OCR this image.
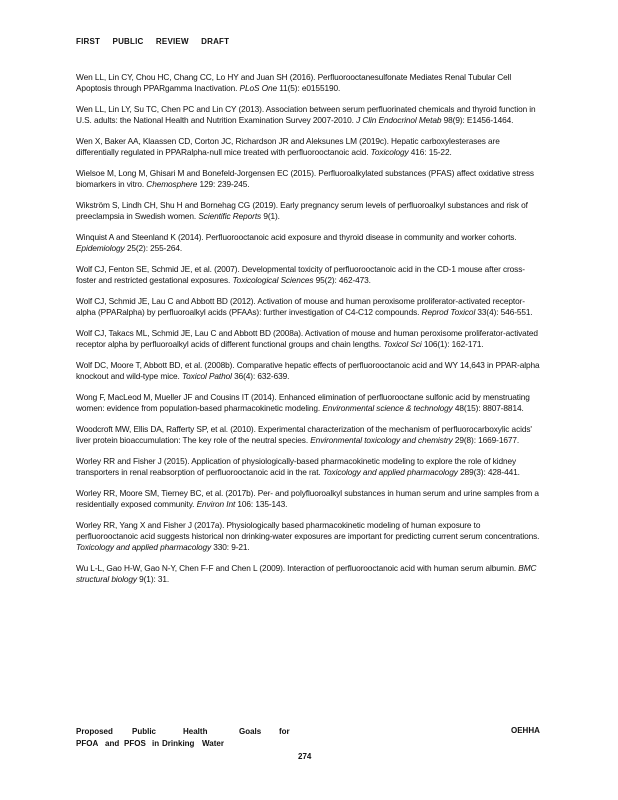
FIRST PUBLIC REVIEW DRAFT

Wen LL, Lin CY, Chou HC, Chang CC, Lo HY and Juan SH (2016). Perfluorooctanesulfonate Mediates Renal Tubular Cell Apoptosis through PPARgamma Inactivation. PLoS One 11(5): e0155190.

Wen LL, Lin LY, Su TC, Chen PC and Lin CY (2013). Association between serum perfluorinated chemicals and thyroid function in U.S. adults: the National Health and Nutrition Examination Survey 2007-2010. J Clin Endocrinol Metab 98(9): E1456-1464.

Wen X, Baker AA, Klaassen CD, Corton JC, Richardson JR and Aleksunes LM (2019c). Hepatic carboxylesterases are differentially regulated in PPARalpha-null mice treated with perfluorooctanoic acid. Toxicology 416: 15-22.

Wielsoe M, Long M, Ghisari M and Bonefeld-Jorgensen EC (2015). Perfluoroalkylated substances (PFAS) affect oxidative stress biomarkers in vitro. Chemosphere 129: 239-245.

Wikström S, Lindh CH, Shu H and Bornehag CG (2019). Early pregnancy serum levels of perfluoroalkyl substances and risk of preeclampsia in Swedish women. Scientific Reports 9(1).

Winquist A and Steenland K (2014). Perfluorooctanoic acid exposure and thyroid disease in community and worker cohorts. Epidemiology 25(2): 255-264.

Wolf CJ, Fenton SE, Schmid JE, et al. (2007). Developmental toxicity of perfluorooctanoic acid in the CD-1 mouse after cross-foster and restricted gestational exposures. Toxicological Sciences 95(2): 462-473.

Wolf CJ, Schmid JE, Lau C and Abbott BD (2012). Activation of mouse and human peroxisome proliferator-activated receptor-alpha (PPARalpha) by perfluoroalkyl acids (PFAAs): further investigation of C4-C12 compounds. Reprod Toxicol 33(4): 546-551.

Wolf CJ, Takacs ML, Schmid JE, Lau C and Abbott BD (2008a). Activation of mouse and human peroxisome proliferator-activated receptor alpha by perfluoroalkyl acids of different functional groups and chain lengths. Toxicol Sci 106(1): 162-171.

Wolf DC, Moore T, Abbott BD, et al. (2008b). Comparative hepatic effects of perfluorooctanoic acid and WY 14,643 in PPAR-alpha knockout and wild-type mice. Toxicol Pathol 36(4): 632-639.

Wong F, MacLeod M, Mueller JF and Cousins IT (2014). Enhanced elimination of perfluorooctane sulfonic acid by menstruating women: evidence from population-based pharmacokinetic modeling. Environmental science & technology 48(15): 8807-8814.

Woodcroft MW, Ellis DA, Rafferty SP, et al. (2010). Experimental characterization of the mechanism of perfluorocarboxylic acids' liver protein bioaccumulation: The key role of the neutral species. Environmental toxicology and chemistry 29(8): 1669-1677.

Worley RR and Fisher J (2015). Application of physiologically-based pharmacokinetic modeling to explore the role of kidney transporters in renal reabsorption of perfluorooctanoic acid in the rat. Toxicology and applied pharmacology 289(3): 428-441.

Worley RR, Moore SM, Tierney BC, et al. (2017b). Per- and polyfluoroalkyl substances in human serum and urine samples from a residentially exposed community. Environ Int 106: 135-143.

Worley RR, Yang X and Fisher J (2017a). Physiologically based pharmacokinetic modeling of human exposure to perfluorooctanoic acid suggests historical non drinking-water exposures are important for predicting current serum concentrations. Toxicology and applied pharmacology 330: 9-21.

Wu L-L, Gao H-W, Gao N-Y, Chen F-F and Chen L (2009). Interaction of perfluorooctanoic acid with human serum albumin. BMC structural biology 9(1): 31.

Proposed	Public	Health	Goals	for
PFOA and PFOS in Drinking Water
OEHHA
274
